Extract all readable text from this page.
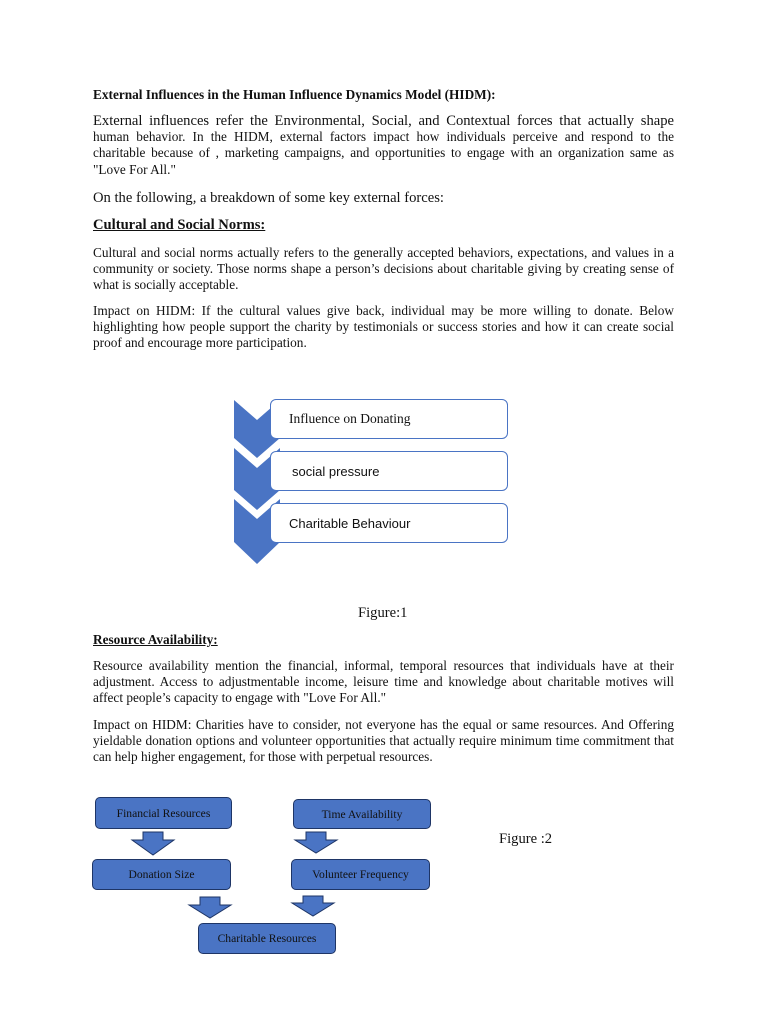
External Influences in the Human Influence Dynamics Model (HIDM):

External influences refer the Environmental, Social, and Contextual forces that actually shape human behavior. In the HIDM, external factors impact how individuals perceive and respond to the charitable because of , marketing campaigns, and opportunities to engage with an organization same as "Love For All."

On the following, a breakdown of some key external forces:

Cultural and Social Norms:

Cultural and social norms actually refers to the generally accepted behaviors, expectations, and values in a community or society. Those norms shape a person’s decisions about charitable giving by creating sense of what is socially acceptable.

Impact on HIDM: If the cultural values give back, individual may be more willing to donate. Below highlighting how people support the charity by testimonials or success stories and how it can create social proof and encourage more participation.

Influence on Donating
social pressure
Charitable Behaviour
Figure:1

Resource Availability:

Resource availability mention the financial, informal, temporal resources that individuals have at their adjustment. Access to adjustmentable income, leisure time and knowledge about charitable motives will affect people’s capacity to engage with "Love For All."

Impact on HIDM: Charities have to consider, not everyone has the equal or same resources. And Offering yieldable donation options and volunteer opportunities that actually require minimum time commitment that can help higher engagement, for those with perpetual resources.

Financial Resources	Time Availability
Donation Size	Volunteer Frequency
Charitable Resources
Figure :2
